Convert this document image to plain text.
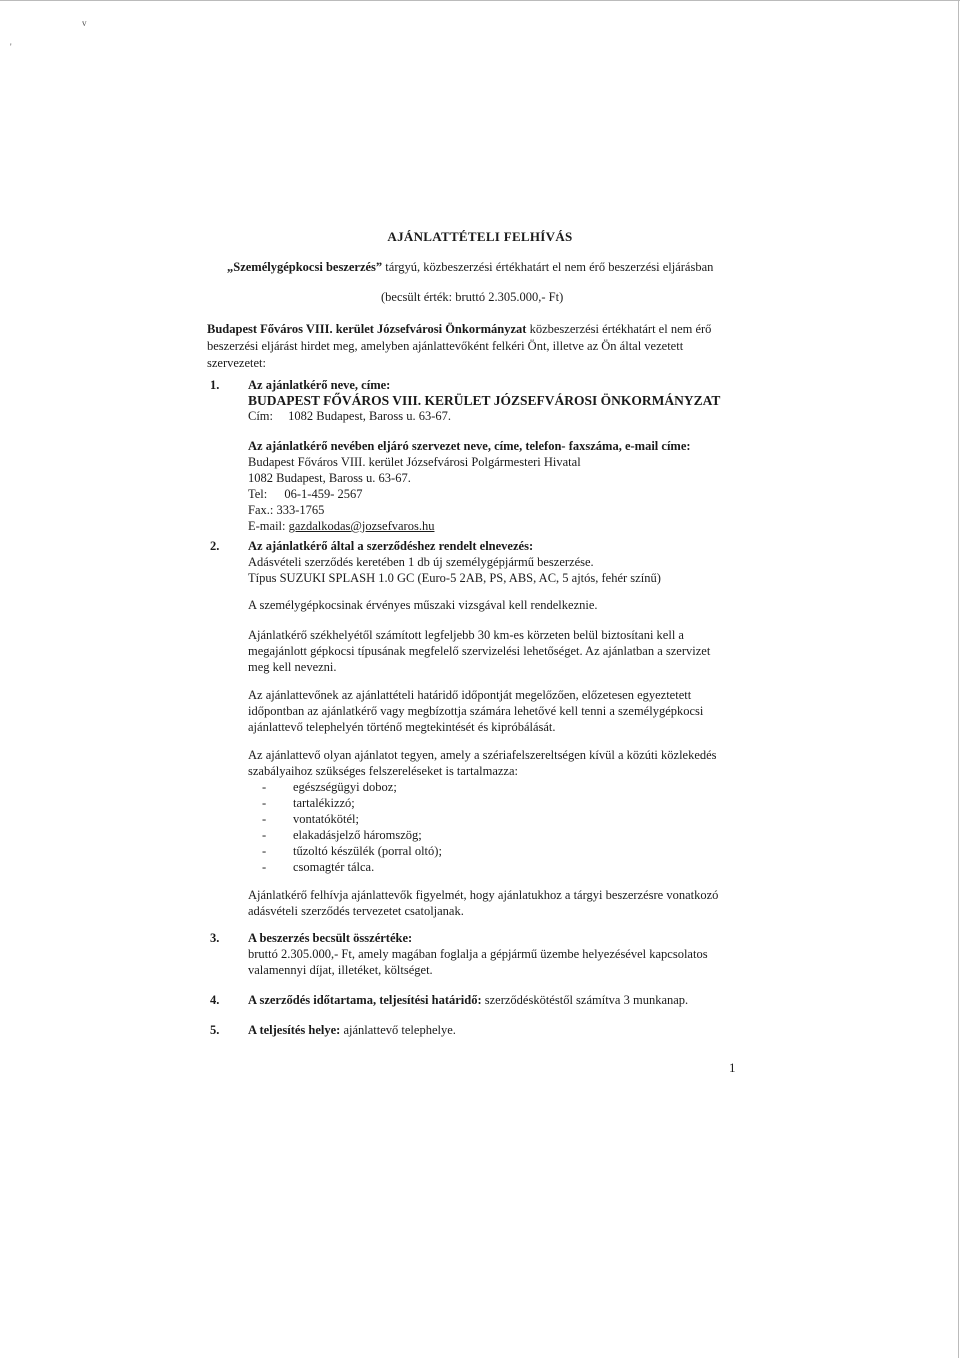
v
'
AJÁNLATTÉTELI FELHÍVÁS
„Személygépkocsi beszerzés” tárgyú, közbeszerzési értékhatárt el nem érő beszerzési eljárásban
(becsült érték: bruttó 2.305.000,- Ft)
Budapest Főváros VIII. kerület Józsefvárosi Önkormányzat közbeszerzési értékhatárt el nem érő
beszerzési eljárást hirdet meg, amelyben ajánlattevőként felkéri Önt, illetve az Ön által vezetett
szervezetet:
1. Az ajánlatkérő neve, címe:
BUDAPEST FŐVÁROS VIII. KERÜLET JÓZSEFVÁROSI ÖNKORMÁNYZAT
Cím: 1082 Budapest, Baross u. 63-67.
Az ajánlatkérő nevében eljáró szervezet neve, címe, telefon- faxszáma, e-mail címe:
Budapest Főváros VIII. kerület Józsefvárosi Polgármesteri Hivatal
1082 Budapest, Baross u. 63-67.
Tel: 06-1-459- 2567
Fax.: 333-1765
E-mail: gazdalkodas@jozsefvaros.hu
2. Az ajánlatkérő által a szerződéshez rendelt elnevezés:
Adásvételi szerződés keretében 1 db új személygépjármű beszerzése.
Típus SUZUKI SPLASH 1.0 GC (Euro-5 2AB, PS, ABS, AC, 5 ajtós, fehér színű)
A személygépkocsinak érvényes műszaki vizsgával kell rendelkeznie.
Ajánlatkérő székhelyétől számított legfeljebb 30 km-es körzeten belül biztosítani kell a
megajánlott gépkocsi típusának megfelelő szervizelési lehetőséget. Az ajánlatban a szervizet
meg kell nevezni.
Az ajánlattevőnek az ajánlattételi határidő időpontját megelőzően, előzetesen egyeztetett
időpontban az ajánlatkérő vagy megbízottja számára lehetővé kell tenni a személygépkocsi
ajánlattevő telephelyén történő megtekintését és kipróbálását.
Az ajánlattevő olyan ajánlatot tegyen, amely a szériafelszereltségen kívül a közúti közlekedés
szabályaihoz szükséges felszereléseket is tartalmazza:
- egészségügyi doboz;
- tartalékizzó;
- vontatókötél;
- elakadásjelző háromszög;
- tűzoltó készülék (porral oltó);
- csomagtér tálca.
Ajánlatkérő felhívja ajánlattevők figyelmét, hogy ajánlatukhoz a tárgyi beszerzésre vonatkozó
adásvételi szerződés tervezetet csatoljanak.
3. A beszerzés becsült összértéke:
bruttó 2.305.000,- Ft, amely magában foglalja a gépjármű üzembe helyezésével kapcsolatos
valamennyi díjat, illetéket, költséget.
4. A szerződés időtartama, teljesítési határidő: szerződéskötéstől számítva 3 munkanap.
5. A teljesítés helye: ajánlattevő telephelye.
1
